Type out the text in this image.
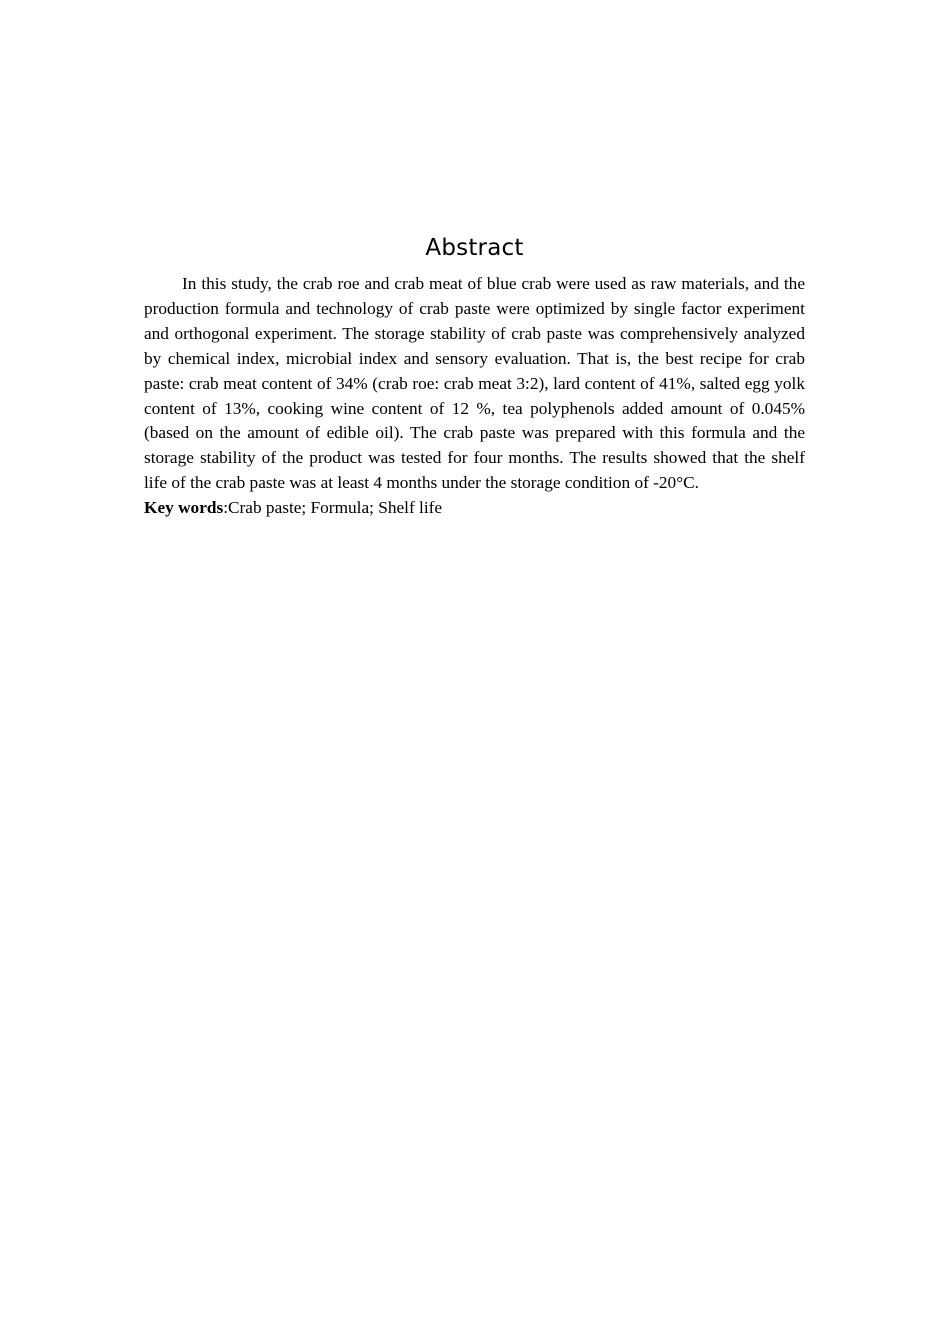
Abstract

In this study, the crab roe and crab meat of blue crab were used as raw materials, and the production formula and technology of crab paste were optimized by single factor experiment and orthogonal experiment. The storage stability of crab paste was comprehensively analyzed by chemical index, microbial index and sensory evaluation. That is, the best recipe for crab paste: crab meat content of 34% (crab roe: crab meat 3:2), lard content of 41%, salted egg yolk content of 13%, cooking wine content of 12 %, tea polyphenols added amount of 0.045% (based on the amount of edible oil). The crab paste was prepared with this formula and the storage stability of the product was tested for four months. The results showed that the shelf life of the crab paste was at least 4 months under the storage condition of -20°C.

Key words:Crab paste; Formula; Shelf life
